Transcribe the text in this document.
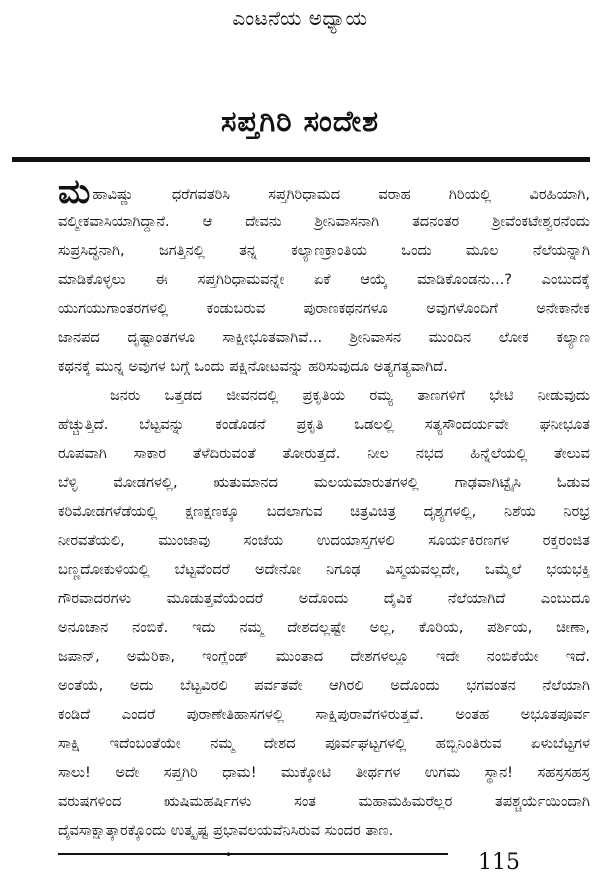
ಎಂಟನೆಯ ಅಧ್ಯಾಯ
ಸಪ್ತಗಿರಿ ಸಂದೇಶ
ಮಹಾವಿಷ್ಣು ಧರೆಗವತರಿಸಿ ಸಪ್ತಗಿರಿಧಾಮದ ವರಾಹ ಗಿರಿಯಲ್ಲಿ ವಿರಹಿಯಾಗಿ,
ವಲ್ಮೀಕವಾಸಿಯಾಗಿದ್ದಾನೆ. ಆ ದೇವನು ಶ್ರೀನಿವಾಸನಾಗಿ ತದನಂತರ ಶ್ರೀವೆಂಕಟೇಶ್ವರನೆಂದು
ಸುಪ್ರಸಿದ್ಧನಾಗಿ, ಜಗತ್ತಿನಲ್ಲಿ ತನ್ನ ಕಲ್ಯಾಣಕ್ರಾಂತಿಯ ಒಂದು ಮೂಲ ನೆಲೆಯನ್ನಾಗಿ
ಮಾಡಿಕೊಳ್ಳಲು ಈ ಸಪ್ತಗಿರಿಧಾಮವನ್ನೇ ಏಕೆ ಆಯ್ಕೆ ಮಾಡಿಕೊಂಡನು...? ಎಂಬುದಕ್ಕೆ
ಯುಗಯುಗಾಂತರಗಳಲ್ಲಿ ಕಂಡುಬರುವ ಪುರಾಣಕಥನಗಳೂ ಅವುಗಳೊಂದಿಗೆ ಅನೇಕಾನೇಕ
ಜಾನಪದ ದೃಷ್ಟಾಂತಗಳೂ ಸಾಕ್ಷೀಭೂತವಾಗಿವೆ... ಶ್ರೀನಿವಾಸನ ಮುಂದಿನ ಲೋಕ ಕಲ್ಯಾಣ
ಕಥನಕ್ಕೆ ಮುನ್ನ ಅವುಗಳ ಬಗ್ಗೆ ಒಂದು ಪಕ್ಷಿನೋಟವನ್ನು ಹರಿಸುವುದೂ ಅತ್ಯಗತ್ಯವಾಗಿದೆ.
ಜನರು ಒತ್ತಡದ ಜೀವನದಲ್ಲಿ ಪ್ರಕೃತಿಯ ರಮ್ಯ ತಾಣಗಳಿಗೆ ಭೇಟಿ ನೀಡುವುದು
ಹೆಚ್ಚುತ್ತಿದೆ. ಬೆಟ್ಟವನ್ನು ಕಂಡೊಡನೆ ಪ್ರಕೃತಿ ಒಡಲಲ್ಲಿ ಸತ್ಯಸೌಂದರ್ಯವೇ ಘನೀಭೂತ
ರೂಪವಾಗಿ ಸಾಕಾರ ತೆಳೆದಿರುವಂತೆ ತೋರುತ್ತದೆ. ನೀಲ ನಭದ ಹಿನ್ನೆಲೆಯಲ್ಲಿ ತೇಲುವ
ಬೆಳ್ಳಿ ಮೋಡಗಳಲ್ಲಿ, ಋತುಮಾನದ ಮಲಯಮಾರುತಗಳಲ್ಲಿ ಗಾಢವಾಗಿಟ್ಟೈಸಿ ಓಡುವ
ಕರಿಮೋಡಗಳೆಡೆಯಲ್ಲಿ ಕ್ಷಣಕ್ಷಣಕ್ಕೂ ಬದಲಾಗುವ ಚಿತ್ರವಿಚಿತ್ರ ದೃಶ್ಯಗಳಲ್ಲಿ, ನಿಶೆಯ ನಿರಭ್ರ
ನೀರವತೆಯಲಿ, ಮುಂಜಾವು ಸಂಜೆಯ ಉದಯಾಸ್ತಗಳಲಿ ಸೂರ್ಯಕಿರಣಗಳ ರಕ್ತರಂಜಿತ
ಬಣ್ಣದೋಕುಳಿಯಲ್ಲಿ ಬೆಟ್ಟವೆಂದರೆ ಅದೇನೋ ನಿಗೂಢ ವಿಸ್ಮಯವಲ್ಲದೇ, ಒಮ್ಮೆಲೆ ಭಯಭಕ್ತಿ
ಗೌರವಾದರಗಳು ಮೂಡುತ್ತವೆಯೆಂದರೆ ಅದೊಂದು ದೈವಿಕ ನೆಲೆಯಾಗಿದೆ ಎಂಬುದೂ
ಅನೂಚಾನ ನಂಬಿಕೆ. ಇದು ನಮ್ಮ ದೇಶದಲ್ಲಷ್ಟೇ ಅಲ್ಲ, ಕೊರಿಯ, ಪರ್ಶಿಯ, ಚೀಣಾ,
ಜಪಾನ್, ಅಮೆರಿಕಾ, ಇಂಗ್ಲೆಂಡ್ ಮುಂತಾದ ದೇಶಗಳಲ್ಲೂ ಇದೇ ನಂಬಿಕೆಯೇ ಇದೆ.
ಅಂತೆಯೆ, ಅದು ಬೆಟ್ಟವಿರಲಿ ಪರ್ವತವೇ ಆಗಿರಲಿ ಅದೊಂದು ಭಗವಂತನ ನೆಲೆಯಾಗಿ
ಕಂಡಿದೆ ಎಂದರೆ ಪುರಾಣೇತಿಹಾಸಗಳಲ್ಲಿ ಸಾಕ್ಷಿಪುರಾವೆಗಳಿರುತ್ತವೆ. ಅಂತಹ ಅಭೂತಪೂರ್ವ
ಸಾಕ್ಷಿ ಇದೆಂಬಂತೆಯೇ ನಮ್ಮ ದೇಶದ ಪೂರ್ವಘಟ್ಟಗಳಲ್ಲಿ ಹಬ್ಬಿನಿಂತಿರುವ ಏಳುಬೆಟ್ಟಗಳ
ಸಾಲು! ಅದೇ ಸಪ್ತಗಿರಿ ಧಾಮ! ಮುಕ್ಕೋಟಿ ತೀರ್ಥಗಳ ಉಗಮ ಸ್ಥಾನ! ಸಹಸ್ರಸಹಸ್ರ
ವರುಷಗಳಿಂದ ಋಷಿಮಹರ್ಷಿಗಳು ಸಂತ ಮಹಾಮಹಿಮರೆಲ್ಲರ ತಪಶ್ಚರ್ಯೆಯಿಂದಾಗಿ
ದೈವಸಾಕ್ಷಾತ್ಕಾರಕ್ಕೊಂದು ಉತ್ಕೃಷ್ಟ ಪ್ರಭಾವಲಯವೆನಿಸಿರುವ ಸುಂದರ ತಾಣ.
•	115
